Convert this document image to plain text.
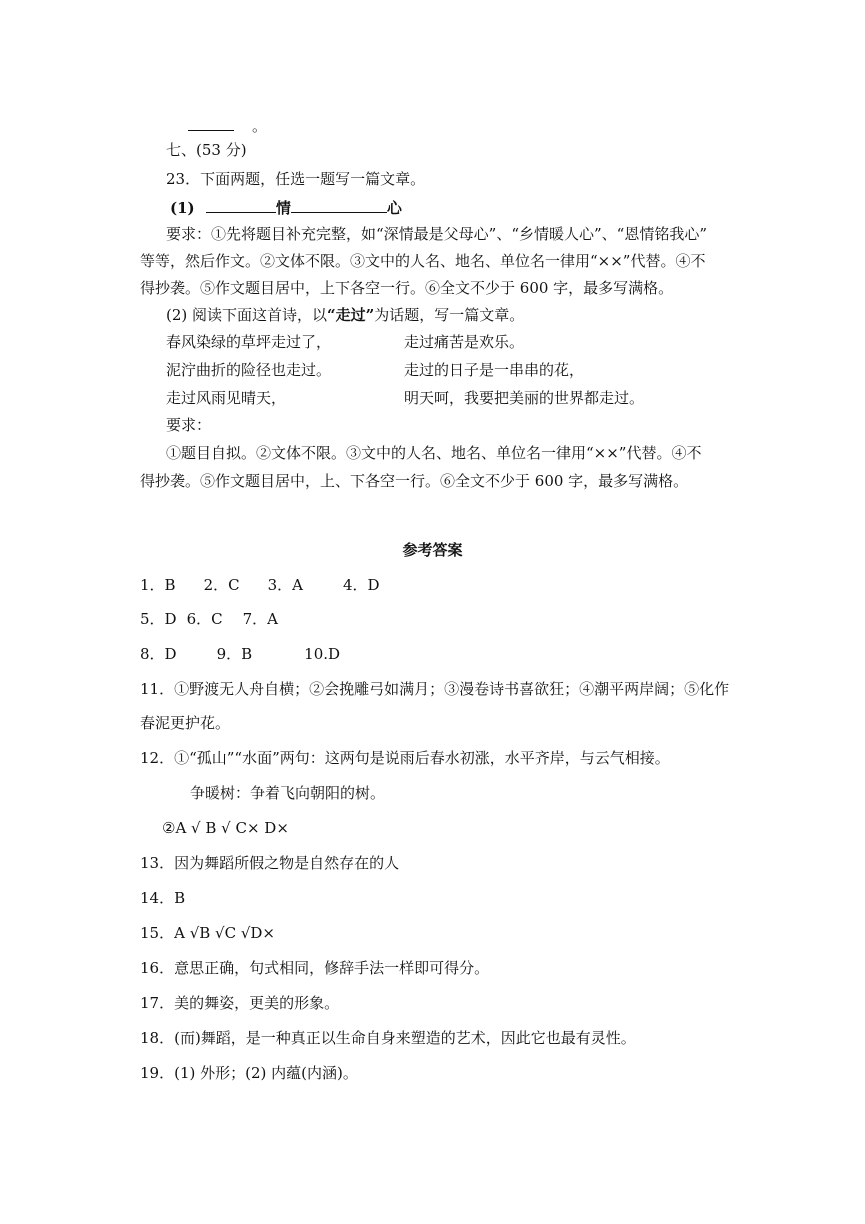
。
七、(53 分)
23．下面两题，任选一题写一篇文章。
(1)	情	心
要求：①先将题目补充完整，如“深情最是父母心”、“乡情暖人心”、“恩情铭我心”
等等，然后作文。②文体不限。③文中的人名、地名、单位名一律用“××”代替。④不
得抄袭。⑤作文题目居中，上下各空一行。⑥全文不少于 600 字，最多写满格。
(2) 阅读下面这首诗，以“走过”为话题，写一篇文章。
春风染绿的草坪走过了，	走过痛苦是欢乐。
泥泞曲折的险径也走过。	走过的日子是一串串的花，
走过风雨见晴天，	明天呵，我要把美丽的世界都走过。
要求：
①题目自拟。②文体不限。③文中的人名、地名、单位名一律用“××”代替。④不
得抄袭。⑤作文题目居中，上、下各空一行。⑥全文不少于 600 字，最多写满格。
参考答案
1．B 2．C 3．A	4．D
5．D 6．C 7．A
8．D	9．B	10.D
11．①野渡无人舟自横；②会挽雕弓如满月；③漫卷诗书喜欲狂；④潮平两岸阔；⑤化作
春泥更护花。
12．①“孤山”“水面”两句：这两句是说雨后春水初涨，水平齐岸，与云气相接。
争暖树：争着飞向朝阳的树。
②A √ B √ C× D×
13．因为舞蹈所假之物是自然存在的人
14．B
15．A √B √C √D×
16．意思正确，句式相同，修辞手法一样即可得分。
17．美的舞姿，更美的形象。
18．(而)舞蹈，是一种真正以生命自身来塑造的艺术，因此它也最有灵性。
19．(1) 外形；(2) 内蕴(内涵)。
